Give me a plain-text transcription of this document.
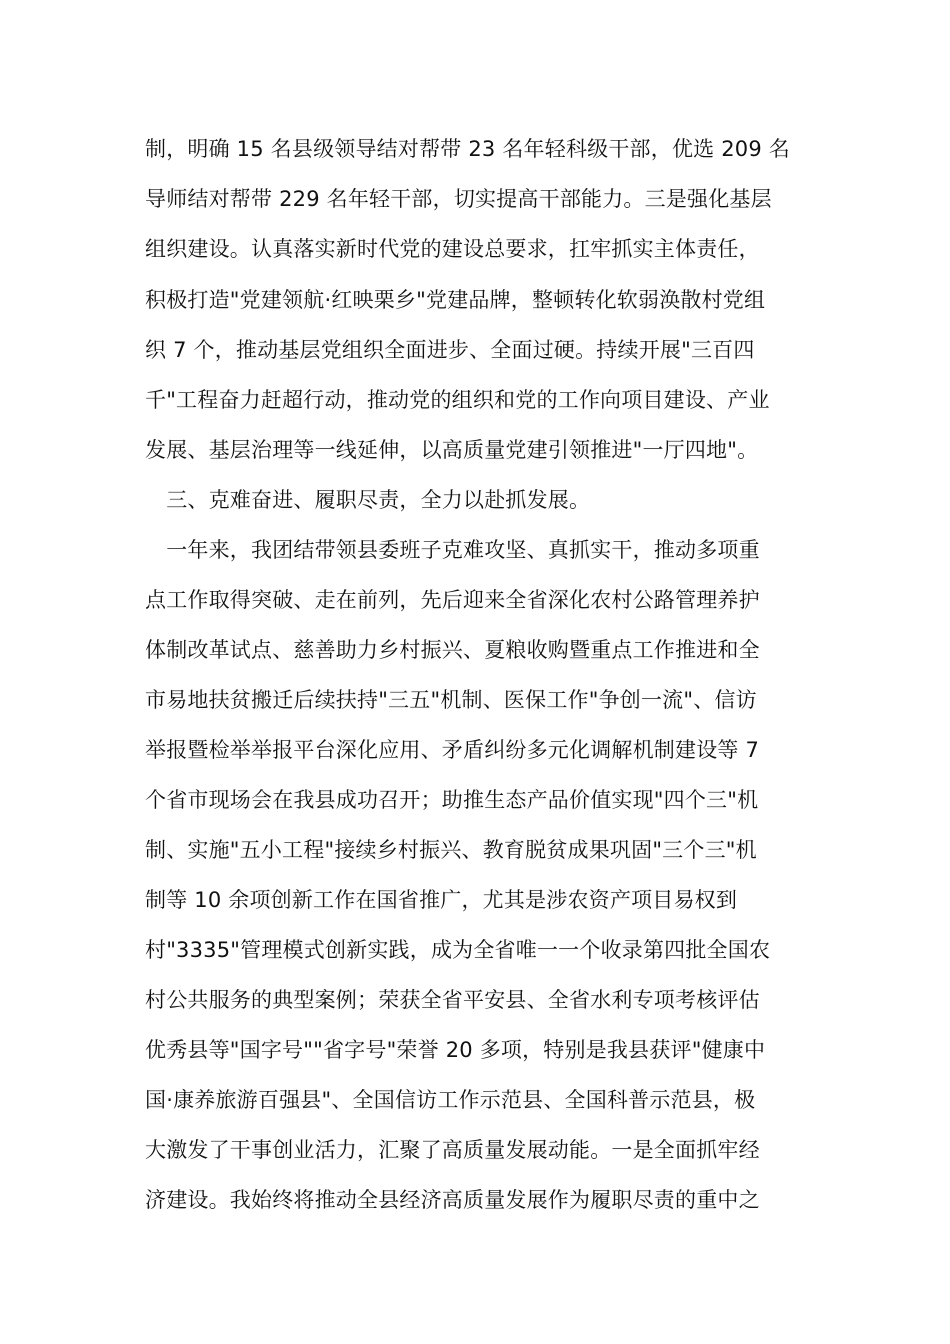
制，明确 15 名县级领导结对帮带 23 名年轻科级干部，优选 209 名
导师结对帮带 229 名年轻干部，切实提高干部能力。三是强化基层
组织建设。认真落实新时代党的建设总要求，扛牢抓实主体责任，
积极打造"党建领航·红映栗乡"党建品牌，整顿转化软弱涣散村党组
织 7 个，推动基层党组织全面进步、全面过硬。持续开展"三百四
千"工程奋力赶超行动，推动党的组织和党的工作向项目建设、产业
发展、基层治理等一线延伸，以高质量党建引领推进"一厅四地"。
　三、克难奋进、履职尽责，全力以赴抓发展。
　一年来，我团结带领县委班子克难攻坚、真抓实干，推动多项重
点工作取得突破、走在前列，先后迎来全省深化农村公路管理养护
体制改革试点、慈善助力乡村振兴、夏粮收购暨重点工作推进和全
市易地扶贫搬迁后续扶持"三五"机制、医保工作"争创一流"、信访
举报暨检举举报平台深化应用、矛盾纠纷多元化调解机制建设等 7
个省市现场会在我县成功召开；助推生态产品价值实现"四个三"机
制、实施"五小工程"接续乡村振兴、教育脱贫成果巩固"三个三"机
制等 10 余项创新工作在国省推广，尤其是涉农资产项目易权到
村"3335"管理模式创新实践，成为全省唯一一个收录第四批全国农
村公共服务的典型案例；荣获全省平安县、全省水利专项考核评估
优秀县等"国字号""省字号"荣誉 20 多项，特别是我县获评"健康中
国·康养旅游百强县"、全国信访工作示范县、全国科普示范县，极
大激发了干事创业活力，汇聚了高质量发展动能。一是全面抓牢经
济建设。我始终将推动全县经济高质量发展作为履职尽责的重中之
